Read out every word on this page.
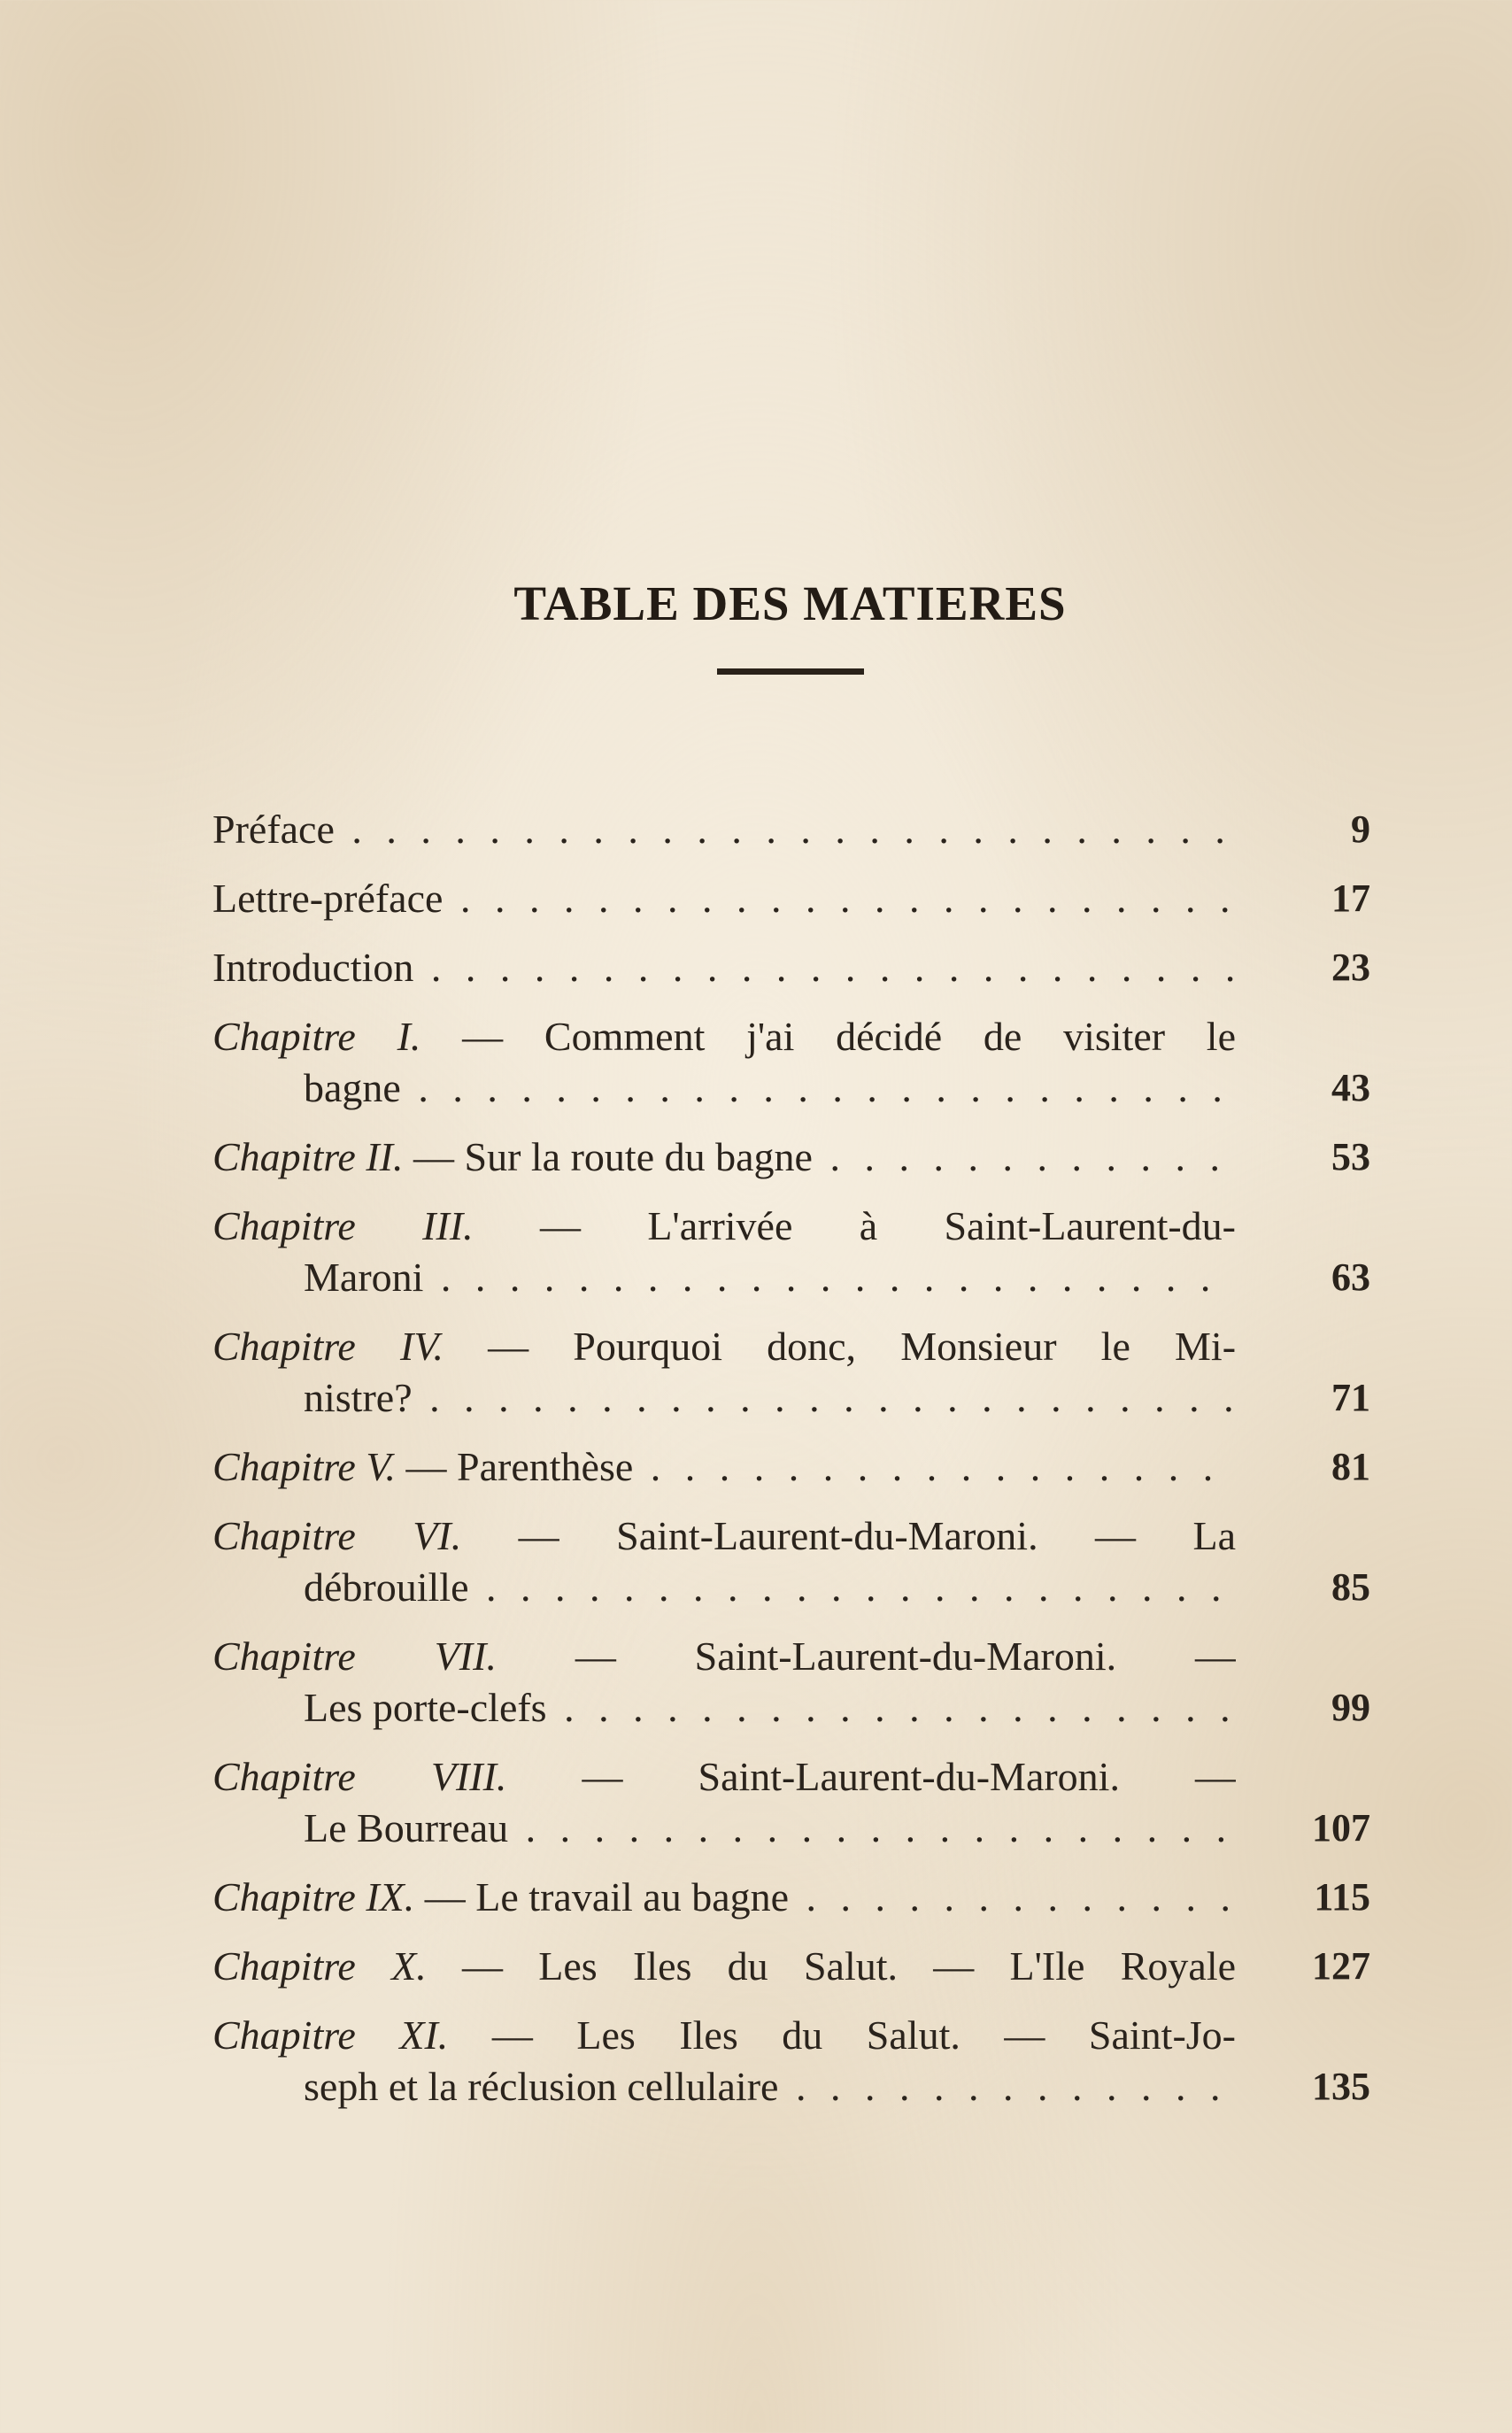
TABLE DES MATIERES
Préface . . .	9
Lettre-préface . . .	17
Introduction . . .	23
Chapitre I. — Comment j'ai décidé de visiter le
bagne . . .	43
Chapitre II. — Sur la route du bagne . . .	53
Chapitre III. — L'arrivée à Saint-Laurent-du-
Maroni . . .	63
Chapitre IV. — Pourquoi donc, Monsieur le Mi-
nistre? . . .	71
Chapitre V. — Parenthèse . . .	81
Chapitre VI. — Saint-Laurent-du-Maroni. — La
débrouille . . .	85
Chapitre VII. — Saint-Laurent-du-Maroni. —
Les porte-clefs . . .	99
Chapitre VIII. — Saint-Laurent-du-Maroni. —
Le Bourreau . . .	107
Chapitre IX. — Le travail au bagne . . .	115
Chapitre X. — Les Iles du Salut. — L'Ile Royale	127
Chapitre XI. — Les Iles du Salut. — Saint-Jo-
seph et la réclusion cellulaire . . .	135
